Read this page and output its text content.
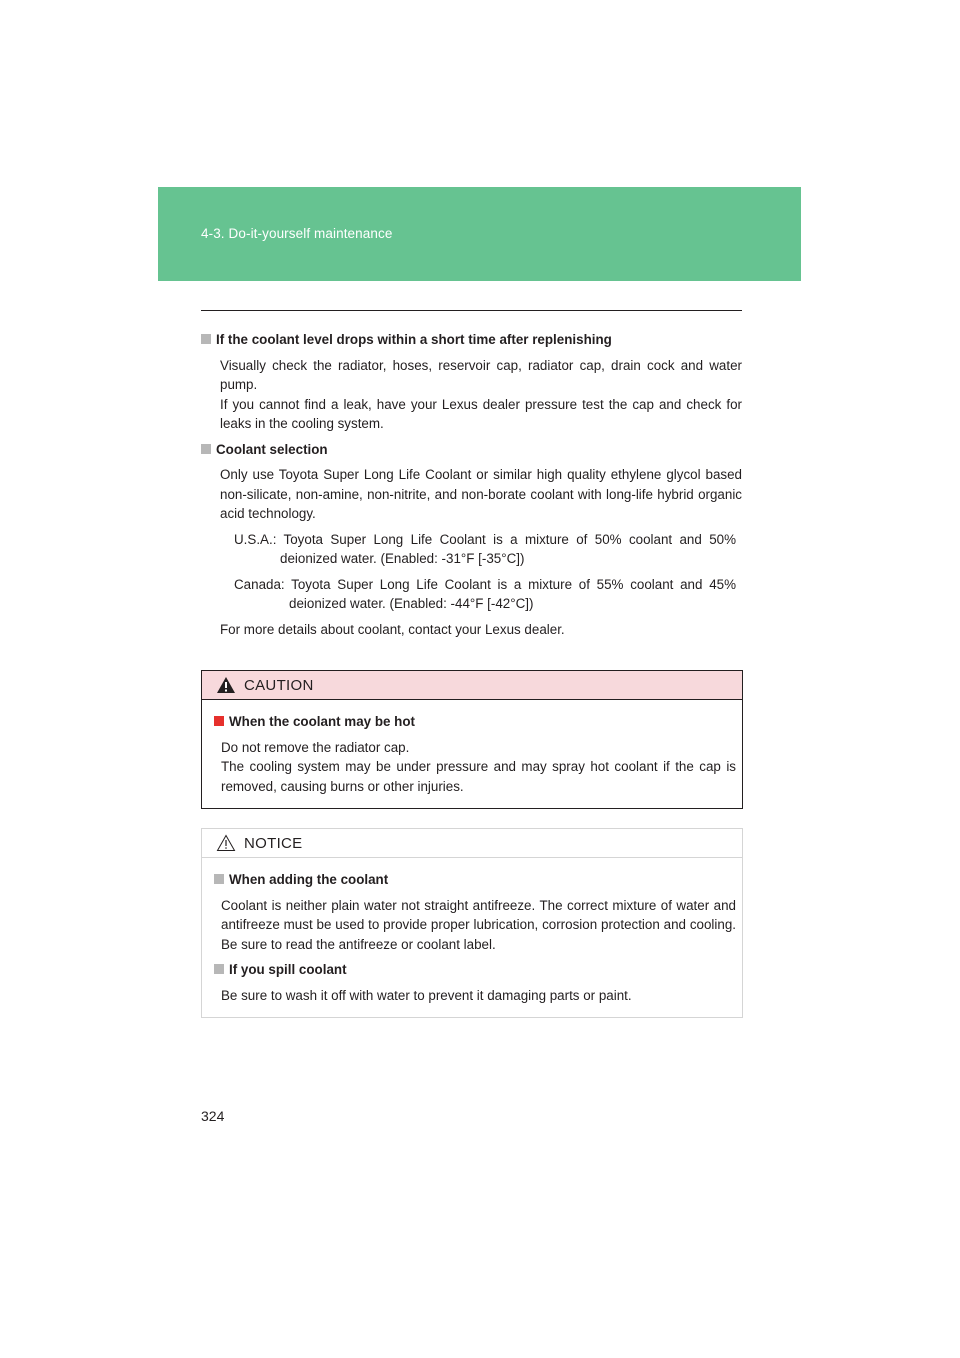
4-3. Do-it-yourself maintenance
If the coolant level drops within a short time after replenishing

Visually check the radiator, hoses, reservoir cap, radiator cap, drain cock and water pump.

If you cannot find a leak, have your Lexus dealer pressure test the cap and check for leaks in the cooling system.

Coolant selection

Only use Toyota Super Long Life Coolant or similar high quality ethylene glycol based non-silicate, non-amine, non-nitrite, and non-borate coolant with long-life hybrid organic acid technology.

U.S.A.: Toyota Super Long Life Coolant is a mixture of 50% coolant and 50% deionized water. (Enabled: -31°F [-35°C])
Canada: Toyota Super Long Life Coolant is a mixture of 55% coolant and 45% deionized water. (Enabled: -44°F [-42°C])
For more details about coolant, contact your Lexus dealer.
CAUTION
When the coolant may be hot

Do not remove the radiator cap.

The cooling system may be under pressure and may spray hot coolant if the cap is removed, causing burns or other injuries.

NOTICE
When adding the coolant
Coolant is neither plain water not straight antifreeze. The correct mixture of water and antifreeze must be used to provide proper lubrication, corrosion protection and cooling. Be sure to read the antifreeze or coolant label.
If you spill coolant
Be sure to wash it off with water to prevent it damaging parts or paint.
324
